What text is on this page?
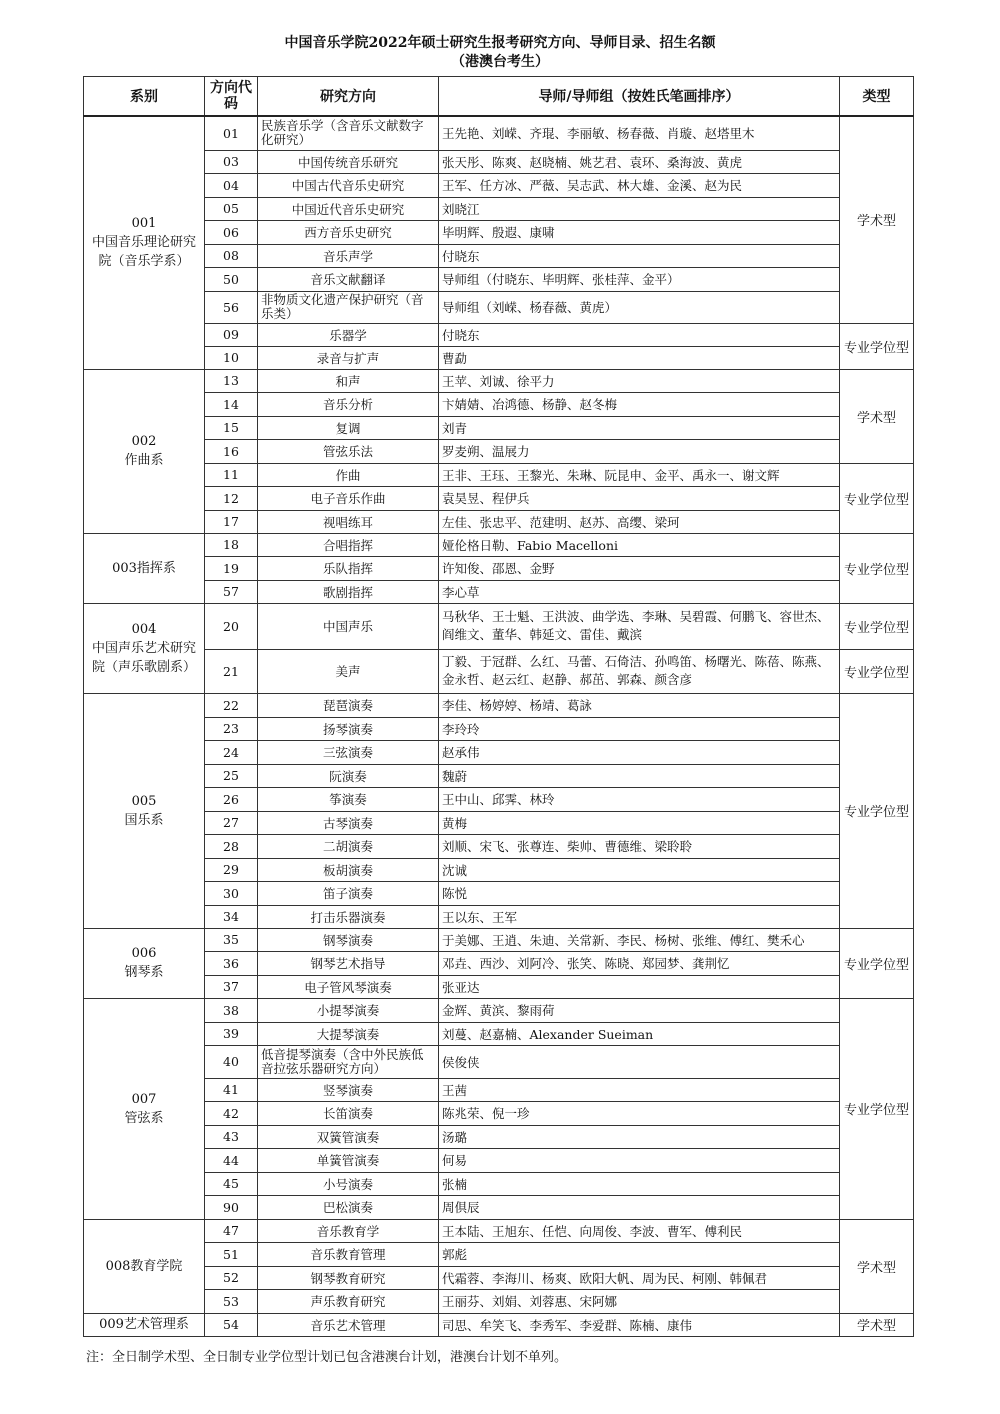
中国音乐学院2022年硕士研究生报考研究方向、导师目录、招生名额
（港澳台考生）
系别	方向代码	研究方向	导师/导师组（按姓氏笔画排序）	类型
001
中国音乐理论研究院（音乐学系）	01	民族音乐学（含音乐文献数字化研究）	王先艳、刘嵘、齐琨、李丽敏、杨春薇、肖璇、赵塔里木	学术型
	03	中国传统音乐研究	张天彤、陈爽、赵晓楠、姚艺君、袁环、桑海波、黄虎	
	04	中国古代音乐史研究	王军、任方冰、严薇、吴志武、林大雄、金溪、赵为民	
	05	中国近代音乐史研究	刘晓江	
	06	西方音乐史研究	毕明辉、殷遐、康啸	
	08	音乐声学	付晓东	
	50	音乐文献翻译	导师组（付晓东、毕明辉、张桂萍、金平）	
	56	非物质文化遗产保护研究（音乐类）	导师组（刘嵘、杨春薇、黄虎）	
	09	乐器学	付晓东	专业学位型
	10	录音与扩声	曹勐	
002
作曲系	13	和声	王苹、刘诚、徐平力	学术型
	14	音乐分析	卞婧婧、冶鸿德、杨静、赵冬梅	
	15	复调	刘青	
	16	管弦乐法	罗麦朔、温展力	
	11	作曲	王非、王珏、王黎光、朱琳、阮昆申、金平、禹永一、谢文辉	专业学位型
	12	电子音乐作曲	袁昊昱、程伊兵	
	17	视唱练耳	左佳、张忠平、范建明、赵苏、高缨、梁珂	
003指挥系	18	合唱指挥	娅伦格日勒、Fabio Macelloni	专业学位型
	19	乐队指挥	许知俊、邵恩、金野	
	57	歌剧指挥	李心草	
004
中国声乐艺术研究院（声乐歌剧系）	20	中国声乐	马秋华、王士魁、王洪波、曲学选、李琳、吴碧霞、何鹏飞、容世杰、阎维文、董华、韩延文、雷佳、戴滨	专业学位型
	21	美声	丁毅、于冠群、么红、马蕾、石倚洁、孙鸣笛、杨曙光、陈蓓、陈燕、金永哲、赵云红、赵静、郝茁、郭森、颜含彦	专业学位型
005
国乐系	22	琵琶演奏	李佳、杨婷婷、杨靖、葛詠	专业学位型
	23	扬琴演奏	李玲玲	
	24	三弦演奏	赵承伟	
	25	阮演奏	魏蔚	
	26	筝演奏	王中山、邱霁、林玲	
	27	古琴演奏	黄梅	
	28	二胡演奏	刘顺、宋飞、张尊连、柴帅、曹德维、梁聆聆	
	29	板胡演奏	沈诚	
	30	笛子演奏	陈悦	
	34	打击乐器演奏	王以东、王军	
006
钢琴系	35	钢琴演奏	于美娜、王逍、朱迪、关常新、李民、杨树、张维、傅红、樊禾心	专业学位型
	36	钢琴艺术指导	邓垚、西沙、刘阿冷、张笑、陈晓、郑园梦、龚荆忆	
	37	电子管风琴演奏	张亚达	
007
管弦系	38	小提琴演奏	金辉、黄滨、黎雨荷	专业学位型
	39	大提琴演奏	刘蔓、赵嘉楠、Alexander Sueiman	
	40	低音提琴演奏（含中外民族低音拉弦乐器研究方向）	侯俊侠	
	41	竖琴演奏	王茜	
	42	长笛演奏	陈兆荣、倪一珍	
	43	双簧管演奏	汤璐	
	44	单簧管演奏	何易	
	45	小号演奏	张楠	
	90	巴松演奏	周倶辰	
008教育学院	47	音乐教育学	王本陆、王旭东、任恺、向周俊、李波、曹军、傅利民	学术型
	51	音乐教育管理	郭彪	
	52	钢琴教育研究	代霜蓉、李海川、杨爽、欧阳大帆、周为民、柯刚、韩佩君	
	53	声乐教育研究	王丽芬、刘娟、刘蓉惠、宋阿娜	
009艺术管理系	54	音乐艺术管理	司思、牟笑飞、李秀军、李爱群、陈楠、康伟	学术型
注：全日制学术型、全日制专业学位型计划已包含港澳台计划，港澳台计划不单列。
